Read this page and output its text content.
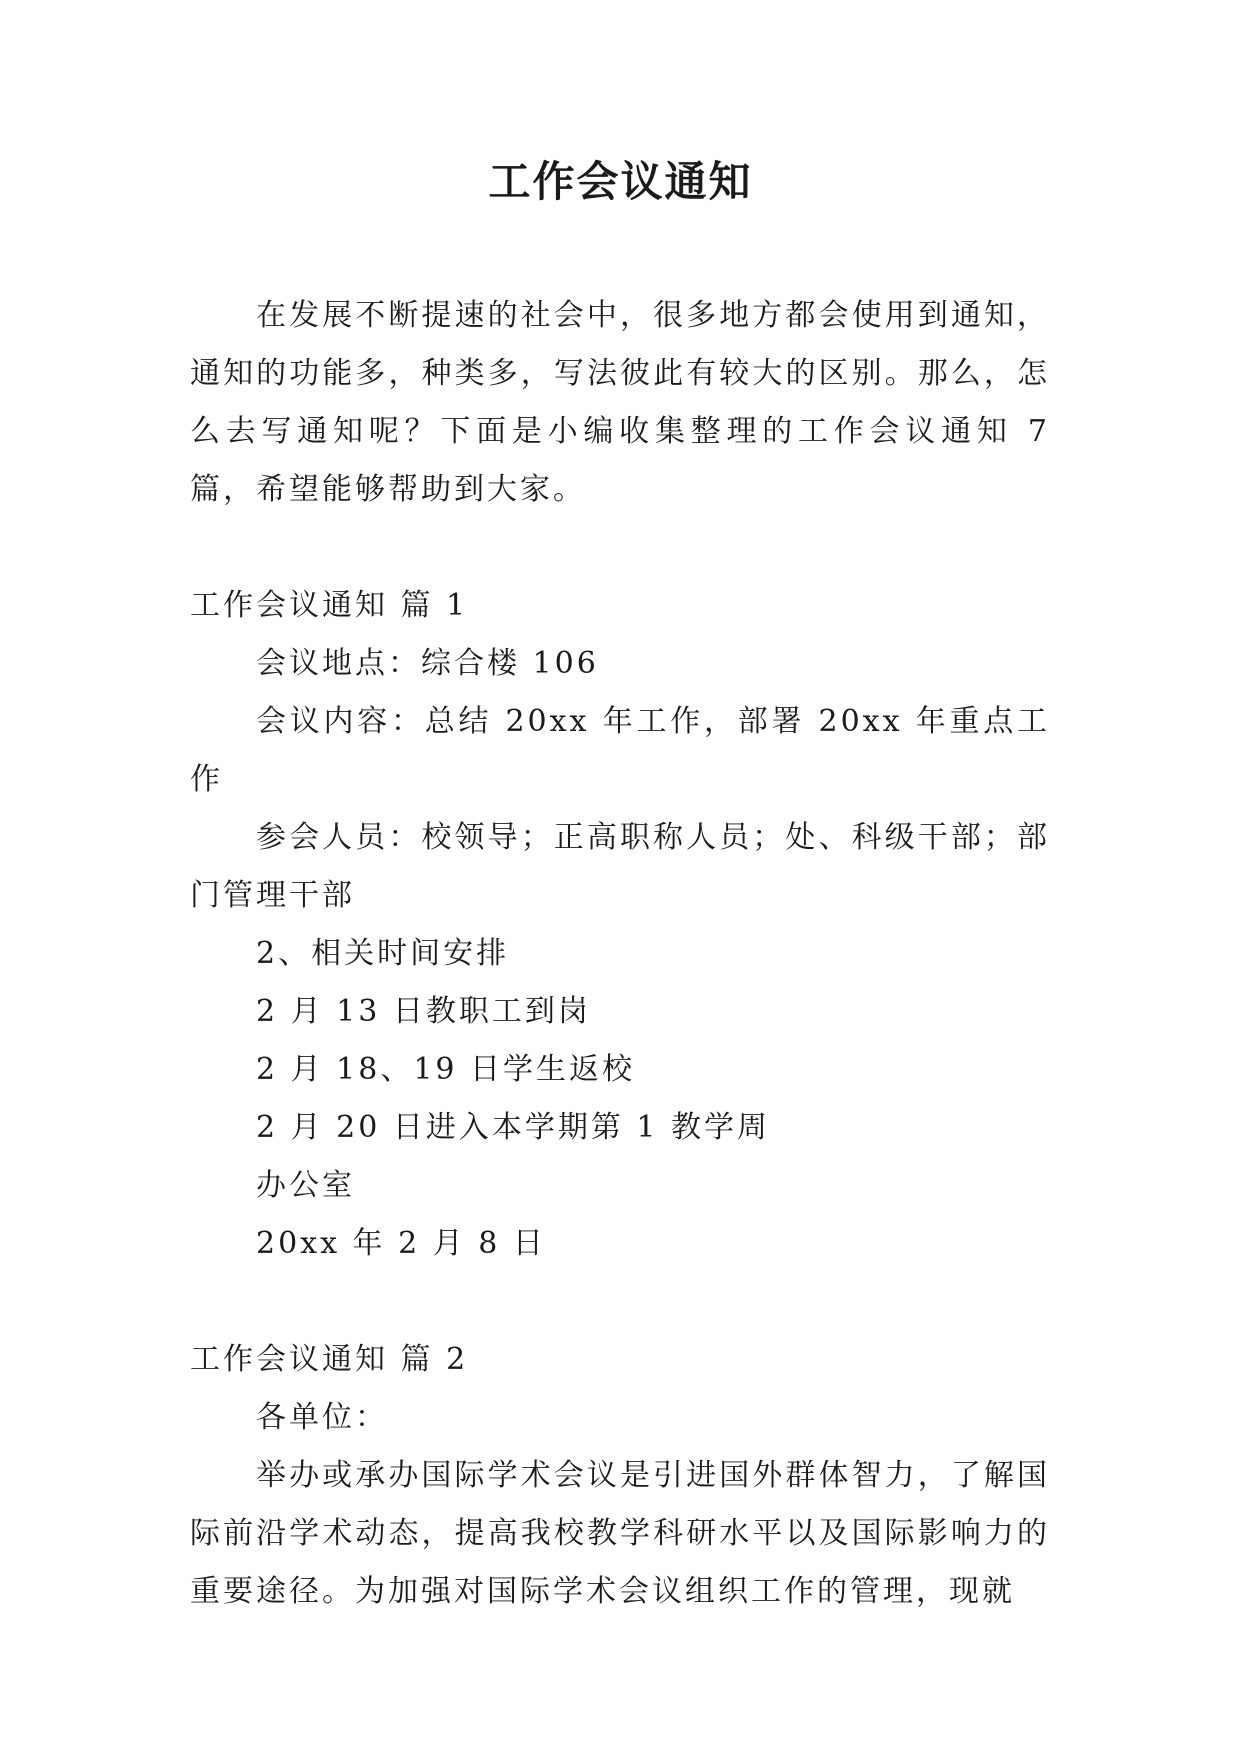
工作会议通知

在发展不断提速的社会中，很多地方都会使用到通知，通知的功能多，种类多，写法彼此有较大的区别。那么，怎么去写通知呢？下面是小编收集整理的工作会议通知 7 篇，希望能够帮助到大家。

工作会议通知 篇 1

会议地点：综合楼 106

会议内容：总结 20xx 年工作，部署 20xx 年重点工作

参会人员：校领导；正高职称人员；处、科级干部；部门管理干部

2、相关时间安排

2 月 13 日教职工到岗

2 月 18、19 日学生返校

2 月 20 日进入本学期第 1 教学周

办公室

20xx 年 2 月 8 日

工作会议通知 篇 2

各单位：

举办或承办国际学术会议是引进国外群体智力，了解国际前沿学术动态，提高我校教学科研水平以及国际影响力的重要途径。为加强对国际学术会议组织工作的管理，现就
